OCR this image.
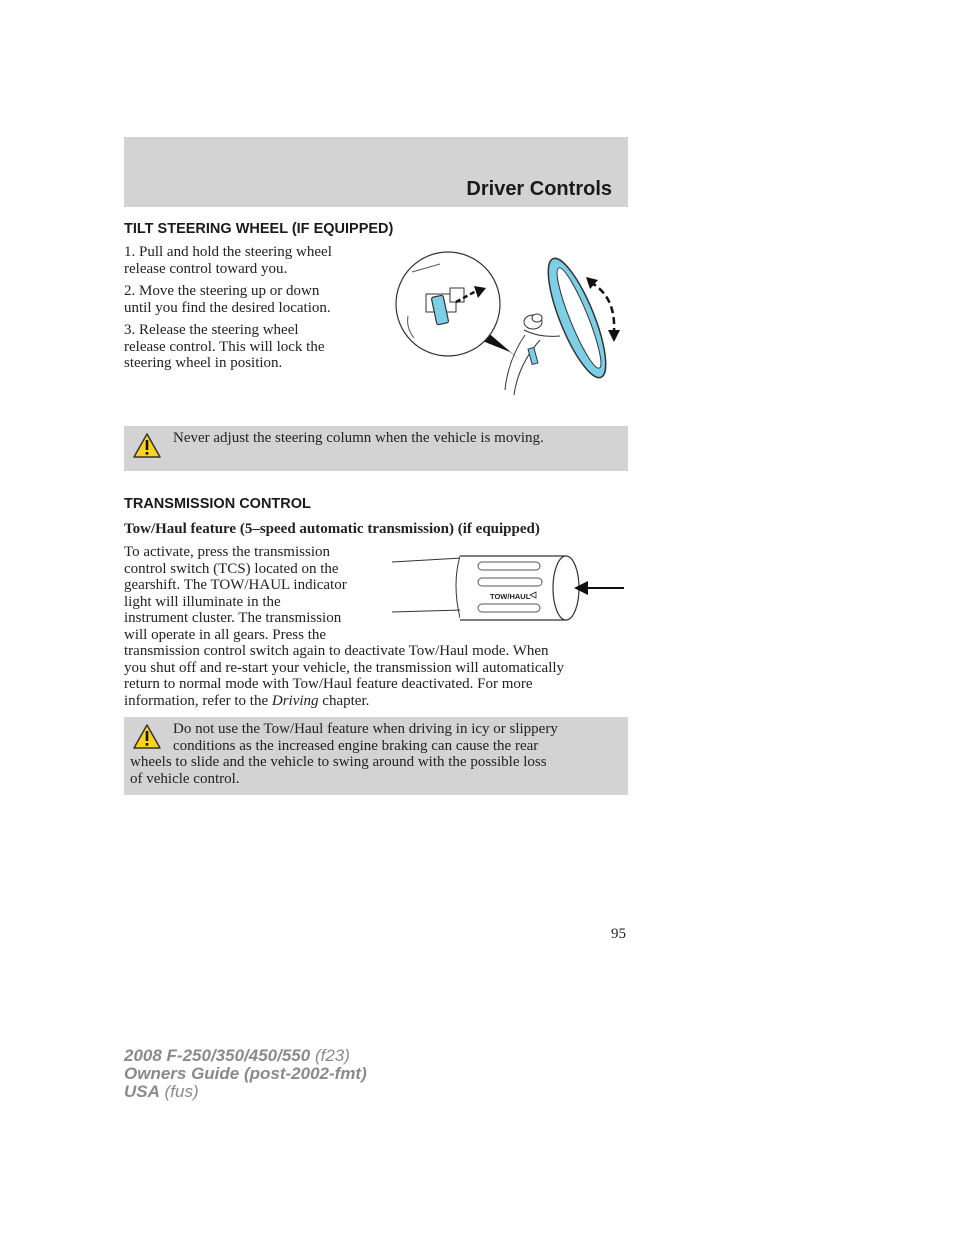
Driver Controls
TILT STEERING WHEEL (IF EQUIPPED)
1. Pull and hold the steering wheel
release control toward you.
2. Move the steering up or down
until you find the desired location.
3. Release the steering wheel
release control. This will lock the
steering wheel in position.
Never adjust the steering column when the vehicle is moving.
TRANSMISSION CONTROL
Tow/Haul feature (5–speed automatic transmission) (if equipped)
To activate, press the transmission
control switch (TCS) located on the
gearshift. The TOW/HAUL indicator
light will illuminate in the
instrument cluster. The transmission
will operate in all gears. Press the
transmission control switch again to deactivate Tow/Haul mode. When
you shut off and re-start your vehicle, the transmission will automatically
return to normal mode with Tow/Haul feature deactivated. For more
information, refer to the Driving chapter.
TOW/HAUL
Do not use the Tow/Haul feature when driving in icy or slippery
conditions as the increased engine braking can cause the rear
wheels to slide and the vehicle to swing around with the possible loss
of vehicle control.
95
2008 F-250/350/450/550 (f23)
Owners Guide (post-2002-fmt)
USA (fus)
